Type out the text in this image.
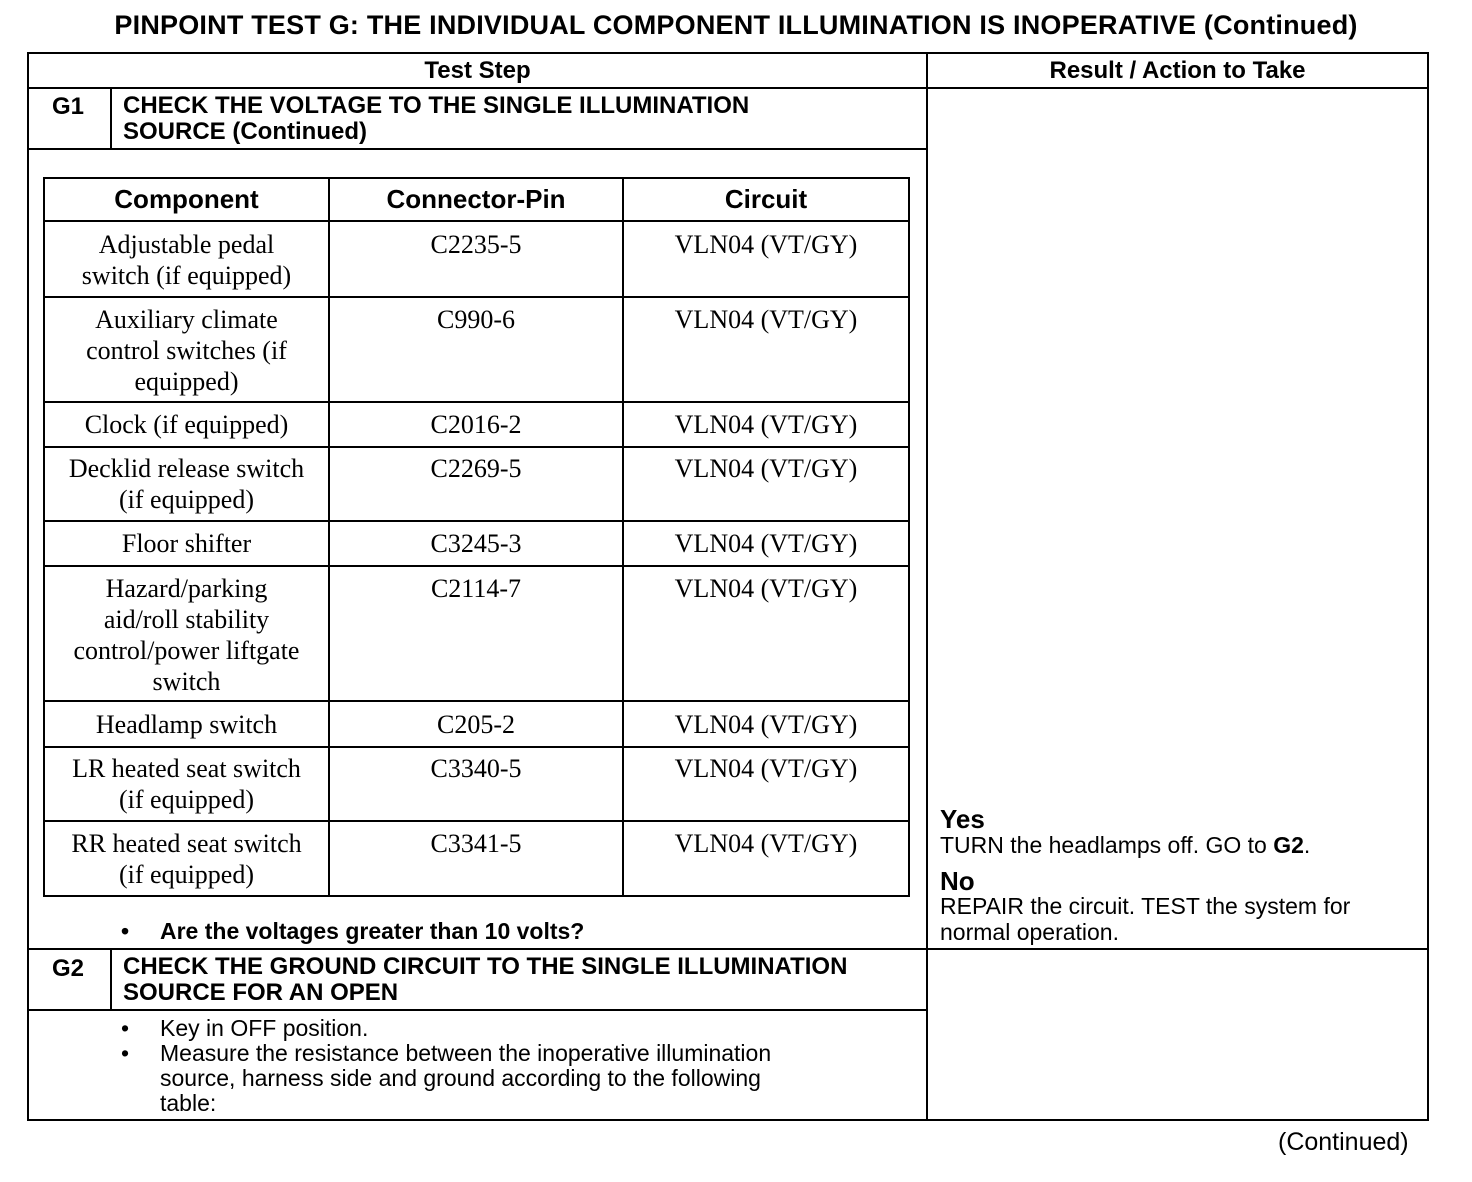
PINPOINT TEST G: THE INDIVIDUAL COMPONENT ILLUMINATION IS INOPERATIVE (Continued)
Test Step	Result / Action to Take
G1 CHECK THE VOLTAGE TO THE SINGLE ILLUMINATION
SOURCE (Continued)
Component	Connector-Pin	Circuit
Adjustable pedal
switch (if equipped)
C2235-5	VLN04 (VT/GY)
Auxiliary climate
control switches (if
equipped)
C990-6	VLN04 (VT/GY)
Clock (if equipped)	C2016-2	VLN04 (VT/GY)
Decklid release switch
(if equipped)
C2269-5	VLN04 (VT/GY)
Floor shifter	C3245-3	VLN04 (VT/GY)
Hazard/parking
aid/roll stability
control/power liftgate
switch
C2114-7	VLN04 (VT/GY)
Headlamp switch	C205-2	VLN04 (VT/GY)
LR heated seat switch
(if equipped)
C3340-5	VLN04 (VT/GY)
RR heated seat switch
(if equipped)
C3341-5	VLN04 (VT/GY)
• Are the voltages greater than 10 volts?
Yes
TURN the headlamps off. GO to G2.
No
REPAIR the circuit. TEST the system for
normal operation.
G2 CHECK THE GROUND CIRCUIT TO THE SINGLE ILLUMINATION
SOURCE FOR AN OPEN
• Key in OFF position.
• Measure the resistance between the inoperative illumination
source, harness side and ground according to the following
table:
(Continued)
